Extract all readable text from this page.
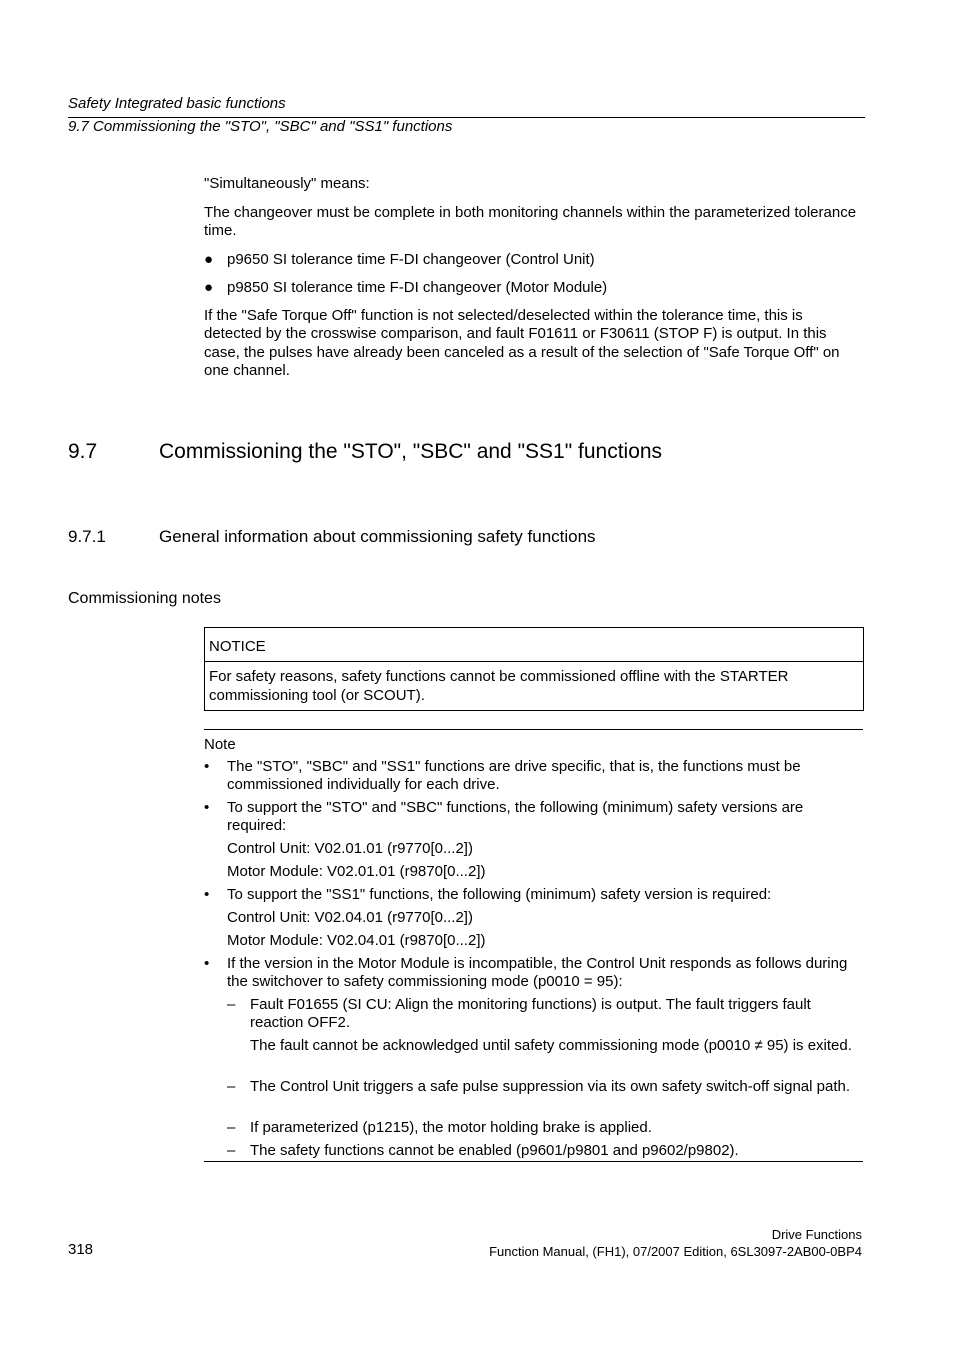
Safety Integrated basic functions
9.7 Commissioning the "STO", "SBC" and "SS1" functions

"Simultaneously" means:

The changeover must be complete in both monitoring channels within the parameterized tolerance time.

● p9650 SI tolerance time F-DI changeover (Control Unit)
● p9850 SI tolerance time F-DI changeover (Motor Module)

If the "Safe Torque Off" function is not selected/deselected within the tolerance time, this is detected by the crosswise comparison, and fault F01611 or F30611 (STOP F) is output. In this case, the pulses have already been canceled as a result of the selection of "Safe Torque Off" on one channel.

9.7	Commissioning the "STO", "SBC" and "SS1" functions
9.7.1	General information about commissioning safety functions
Commissioning notes
NOTICE
For safety reasons, safety functions cannot be commissioned offline with the STARTER commissioning tool (or SCOUT).
Note
• The "STO", "SBC" and "SS1" functions are drive specific, that is, the functions must be commissioned individually for each drive.
• To support the "STO" and "SBC" functions, the following (minimum) safety versions are required:
Control Unit: V02.01.01 (r9770[0...2])
Motor Module: V02.01.01 (r9870[0...2])
• To support the "SS1" functions, the following (minimum) safety version is required:
Control Unit: V02.04.01 (r9770[0...2])
Motor Module: V02.04.01 (r9870[0...2])
• If the version in the Motor Module is incompatible, the Control Unit responds as follows during the switchover to safety commissioning mode (p0010 = 95):
– Fault F01655 (SI CU: Align the monitoring functions) is output. The fault triggers fault reaction OFF2.
The fault cannot be acknowledged until safety commissioning mode (p0010 ≠ 95) is exited.
– The Control Unit triggers a safe pulse suppression via its own safety switch-off signal path.
– If parameterized (p1215), the motor holding brake is applied.
– The safety functions cannot be enabled (p9601/p9801 and p9602/p9802).
318
Drive Functions
Function Manual, (FH1), 07/2007 Edition, 6SL3097-2AB00-0BP4
